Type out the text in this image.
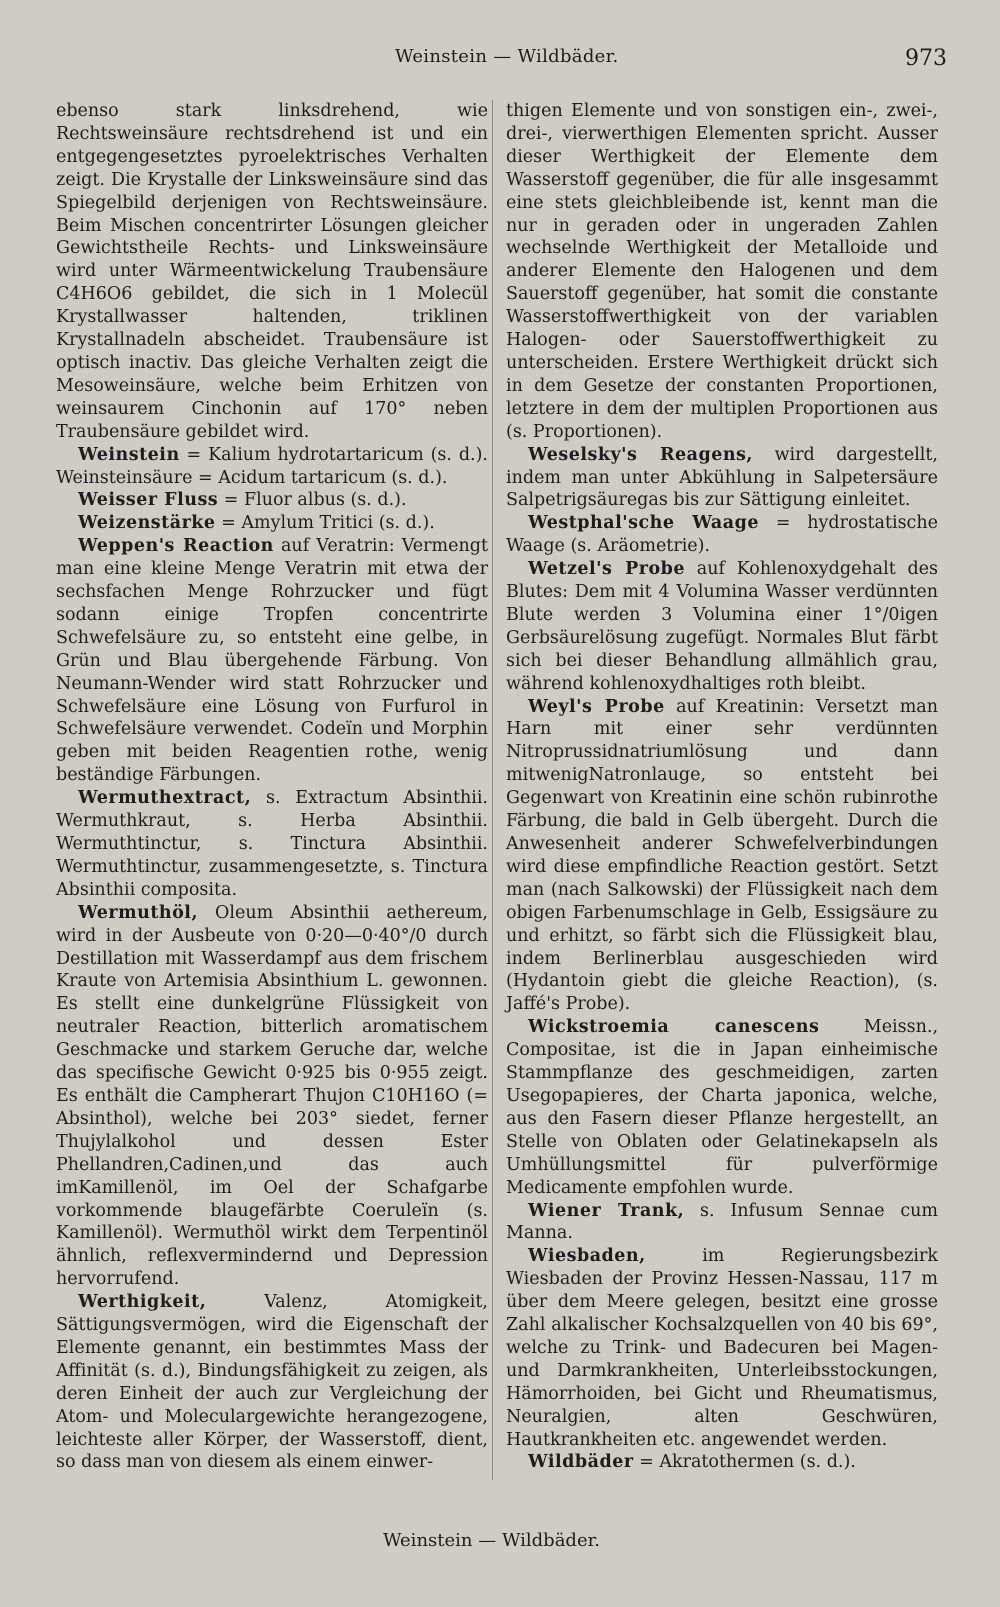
Weinstein — Wildbäder.	973

ebenso stark linksdrehend, wie Rechtsweinsäure rechtsdrehend ist und ein entgegengesetztes pyroelektrisches Verhalten zeigt. Die Krystalle der Linksweinsäure sind das Spiegelbild derjenigen von Rechtsweinsäure. Beim Mischen concentrirter Lösungen gleicher Gewichtstheile Rechts- und Linksweinsäure wird unter Wärmeentwickelung Traubensäure C4H6O6 gebildet, die sich in 1 Molecül Krystallwasser haltenden, triklinen Krystallnadeln abscheidet. Traubensäure ist optisch inactiv. Das gleiche Verhalten zeigt die Mesoweinsäure, welche beim Erhitzen von weinsaurem Cinchonin auf 170° neben Traubensäure gebildet wird.

Weinstein = Kalium hydrotartaricum (s. d.). Weinsteinsäure = Acidum tartaricum (s. d.).

Weisser Fluss = Fluor albus (s. d.).

Weizenstärke = Amylum Tritici (s. d.).

Weppen's Reaction auf Veratrin: Vermengt man eine kleine Menge Veratrin mit etwa der sechsfachen Menge Rohrzucker und fügt sodann einige Tropfen concentrirte Schwefelsäure zu, so entsteht eine gelbe, in Grün und Blau übergehende Färbung. Von Neumann-Wender wird statt Rohrzucker und Schwefelsäure eine Lösung von Furfurol in Schwefelsäure verwendet. Codeïn und Morphin geben mit beiden Reagentien rothe, wenig beständige Färbungen.

Wermuthextract, s. Extractum Absinthii. Wermuthkraut, s. Herba Absinthii. Wermuthtinctur, s. Tinctura Absinthii. Wermuthtinctur, zusammengesetzte, s. Tinctura Absinthii composita.

Wermuthöl, Oleum Absinthii aethereum, wird in der Ausbeute von 0·20—0·40°/0 durch Destillation mit Wasserdampf aus dem frischem Kraute von Artemisia Absinthium L. gewonnen. Es stellt eine dunkelgrüne Flüssigkeit von neutraler Reaction, bitterlich aromatischem Geschmacke und starkem Geruche dar, welche das specifische Gewicht 0·925 bis 0·955 zeigt. Es enthält die Campherart Thujon C10H16O (= Absinthol), welche bei 203° siedet, ferner Thujylalkohol und dessen Ester Phellandren,Cadinen,und das auch imKamillenöl, im Oel der Schafgarbe vorkommende blaugefärbte Coeruleïn (s. Kamillenöl). Wermuthöl wirkt dem Terpentinöl ähnlich, reflexvermindernd und Depression hervorrufend.

Werthigkeit, Valenz, Atomigkeit, Sättigungsvermögen, wird die Eigenschaft der Elemente genannt, ein bestimmtes Mass der Affinität (s. d.), Bindungsfähigkeit zu zeigen, als deren Einheit der auch zur Vergleichung der Atom- und Moleculargewichte herangezogene, leichteste aller Körper, der Wasserstoff, dient, so dass man von diesem als einem einwer-

thigen Elemente und von sonstigen ein-, zwei-, drei-, vierwerthigen Elementen spricht. Ausser dieser Werthigkeit der Elemente dem Wasserstoff gegenüber, die für alle insgesammt eine stets gleichbleibende ist, kennt man die nur in geraden oder in ungeraden Zahlen wechselnde Werthigkeit der Metalloide und anderer Elemente den Halogenen und dem Sauerstoff gegenüber, hat somit die constante Wasserstoffwerthigkeit von der variablen Halogen- oder Sauerstoffwerthigkeit zu unterscheiden. Erstere Werthigkeit drückt sich in dem Gesetze der constanten Proportionen, letztere in dem der multiplen Proportionen aus (s. Proportionen).

Weselsky's Reagens, wird dargestellt, indem man unter Abkühlung in Salpetersäure Salpetrigsäuregas bis zur Sättigung einleitet.

Westphal'sche Waage = hydrostatische Waage (s. Aräometrie).

Wetzel's Probe auf Kohlenoxydgehalt des Blutes: Dem mit 4 Volumina Wasser verdünnten Blute werden 3 Volumina einer 1°/0igen Gerbsäurelösung zugefügt. Normales Blut färbt sich bei dieser Behandlung allmählich grau, während kohlenoxydhaltiges roth bleibt.

Weyl's Probe auf Kreatinin: Versetzt man Harn mit einer sehr verdünnten Nitroprussidnatriumlösung und dann mitwenigNatronlauge, so entsteht bei Gegenwart von Kreatinin eine schön rubinrothe Färbung, die bald in Gelb übergeht. Durch die Anwesenheit anderer Schwefelverbindungen wird diese empfindliche Reaction gestört. Setzt man (nach Salkowski) der Flüssigkeit nach dem obigen Farbenumschlage in Gelb, Essigsäure zu und erhitzt, so färbt sich die Flüssigkeit blau, indem Berlinerblau ausgeschieden wird (Hydantoin giebt die gleiche Reaction), (s. Jaffé's Probe).

Wickstroemia canescens Meissn., Compositae, ist die in Japan einheimische Stammpflanze des geschmeidigen, zarten Usegopapieres, der Charta japonica, welche, aus den Fasern dieser Pflanze hergestellt, an Stelle von Oblaten oder Gelatinekapseln als Umhüllungsmittel für pulverförmige Medicamente empfohlen wurde.

Wiener Trank, s. Infusum Sennae cum Manna.

Wiesbaden, im Regierungsbezirk Wiesbaden der Provinz Hessen-Nassau, 117 m über dem Meere gelegen, besitzt eine grosse Zahl alkalischer Kochsalzquellen von 40 bis 69°, welche zu Trink- und Badecuren bei Magen- und Darmkrankheiten, Unterleibsstockungen, Hämorrhoiden, bei Gicht und Rheumatismus, Neuralgien, alten Geschwüren, Hautkrankheiten etc. angewendet werden.

Wildbäder = Akratothermen (s. d.).

Weinstein — Wildbäder.
